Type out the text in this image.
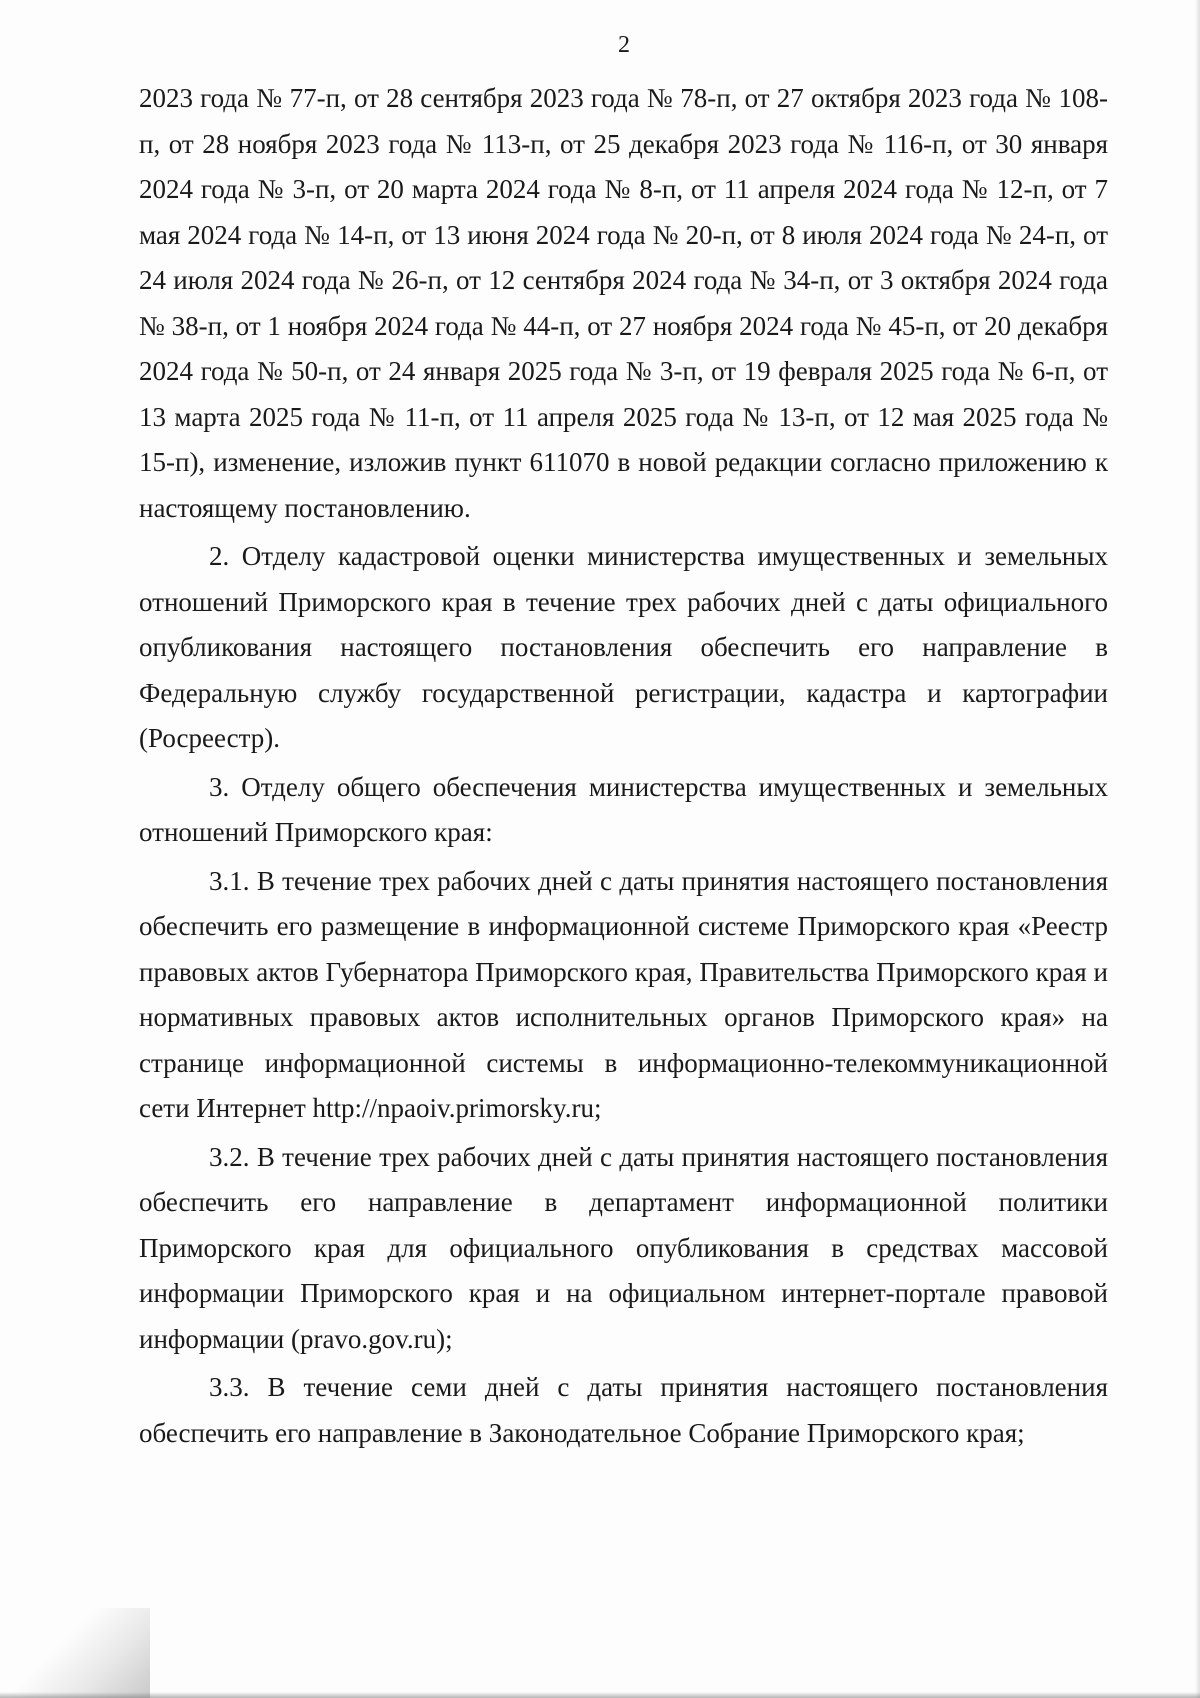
2

2023 года № 77-п, от 28 сентября 2023 года № 78-п, от 27 октября 2023 года № 108-п, от 28 ноября 2023 года № 113-п, от 25 декабря 2023 года № 116-п, от 30 января 2024 года № 3-п, от 20 марта 2024 года № 8-п, от 11 апреля 2024 года № 12-п, от 7 мая 2024 года № 14-п, от 13 июня 2024 года № 20-п, от 8 июля 2024 года № 24-п, от 24 июля 2024 года № 26-п, от 12 сентября 2024 года № 34-п, от 3 октября 2024 года № 38-п, от 1 ноября 2024 года № 44-п, от 27 ноября 2024 года № 45-п, от 20 декабря 2024 года № 50-п, от 24 января 2025 года № 3-п, от 19 февраля 2025 года № 6-п, от 13 марта 2025 года № 11-п, от 11 апреля 2025 года № 13-п, от 12 мая 2025 года № 15-п), изменение, изложив пункт 611070 в новой редакции согласно приложению к настоящему постановлению.

2. Отделу кадастровой оценки министерства имущественных и земельных отношений Приморского края в течение трех рабочих дней с даты официального опубликования настоящего постановления обеспечить его направление в Федеральную службу государственной регистрации, кадастра и картографии (Росреестр).

3. Отделу общего обеспечения министерства имущественных и земельных отношений Приморского края:

3.1. В течение трех рабочих дней с даты принятия настоящего постановления обеспечить его размещение в информационной системе Приморского края «Реестр правовых актов Губернатора Приморского края, Правительства Приморского края и нормативных правовых актов исполнительных органов Приморского края» на странице информационной системы в информационно-телекоммуникационной сети Интернет http://npaoiv.primorsky.ru;

3.2. В течение трех рабочих дней с даты принятия настоящего постановления обеспечить его направление в департамент информационной политики Приморского края для официального опубликования в средствах массовой информации Приморского края и на официальном интернет-портале правовой информации (pravo.gov.ru);

3.3. В течение семи дней с даты принятия настоящего постановления обеспечить его направление в Законодательное Собрание Приморского края;
